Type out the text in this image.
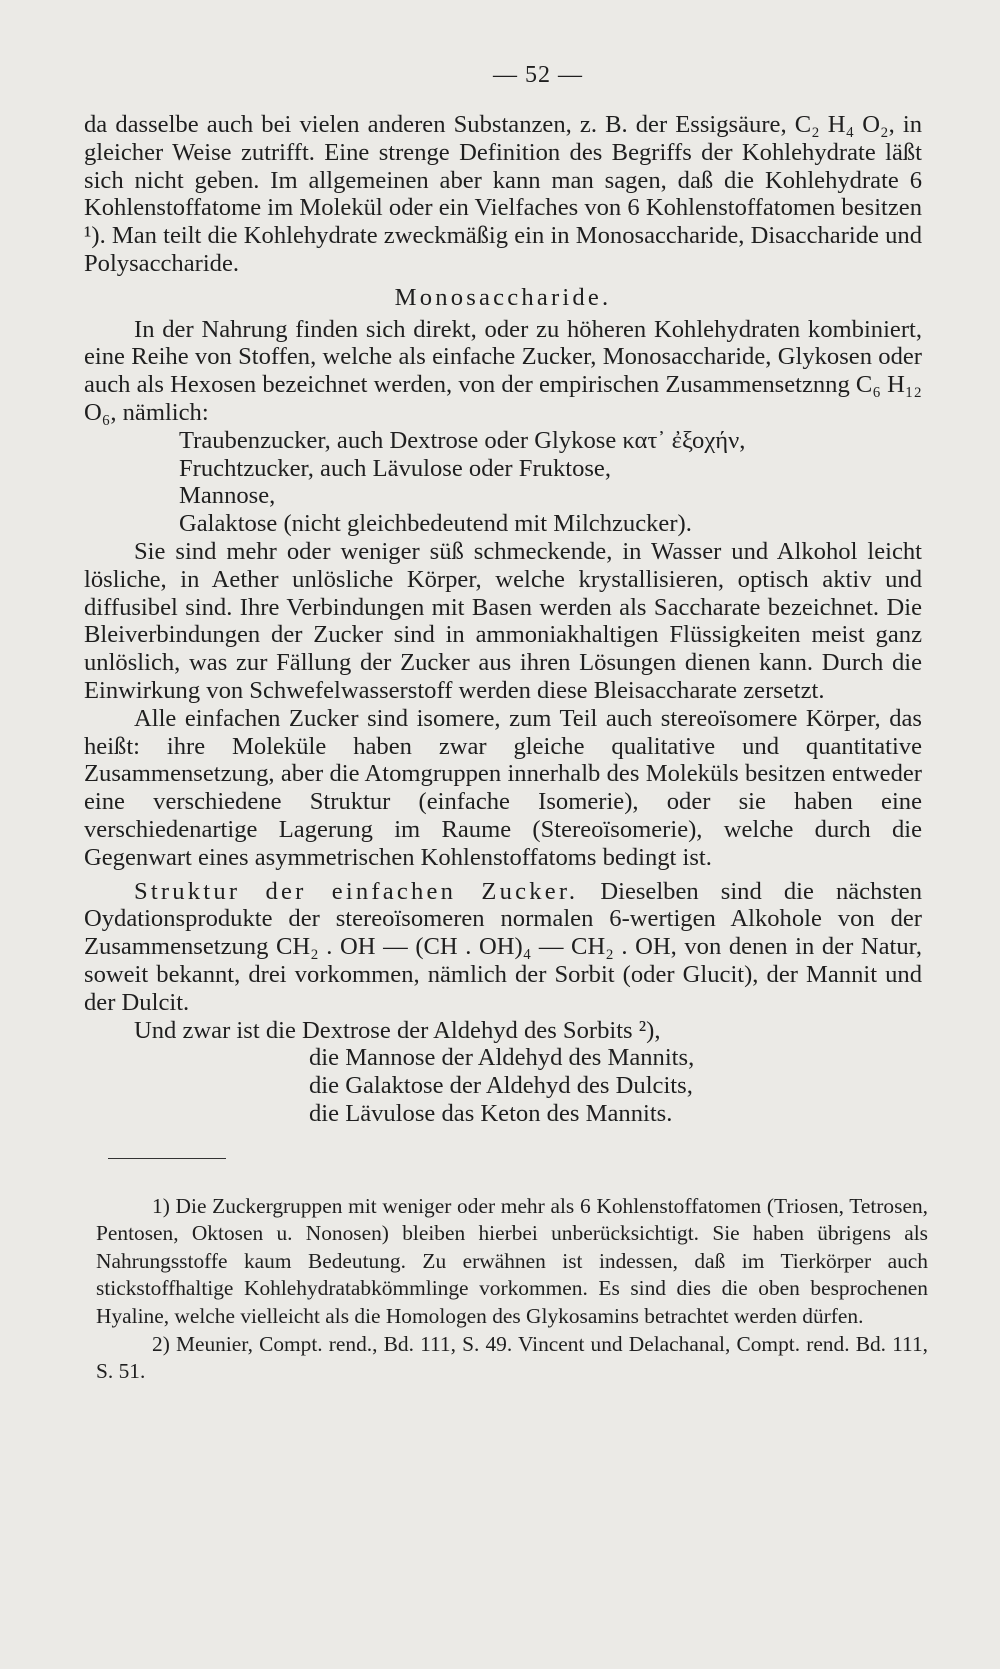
— 52 —

da dasselbe auch bei vielen anderen Substanzen, z. B. der Essigsäure, C₂ H₄ O₂, in gleicher Weise zutrifft. Eine strenge Definition des Begriffs der Kohlehydrate läßt sich nicht geben. Im allgemeinen aber kann man sagen, daß die Kohlehydrate 6 Kohlenstoffatome im Molekül oder ein Vielfaches von 6 Kohlenstoffatomen besitzen ¹). Man teilt die Kohlehydrate zweckmäßig ein in Monosaccharide, Disaccharide und Polysaccharide.

Monosaccharide.

In der Nahrung finden sich direkt, oder zu höheren Kohlehydraten kombiniert, eine Reihe von Stoffen, welche als einfache Zucker, Monosaccharide, Glykosen oder auch als Hexosen bezeichnet werden, von der empirischen Zusammensetznng C₆ H₁₂ O₆, nämlich:

Traubenzucker, auch Dextrose oder Glykose κατ᾽ ἐξοχήν,
Fruchtzucker, auch Lävulose oder Fruktose,
Mannose,
Galaktose (nicht gleichbedeutend mit Milchzucker).

Sie sind mehr oder weniger süß schmeckende, in Wasser und Alkohol leicht lösliche, in Aether unlösliche Körper, welche krystallisieren, optisch aktiv und diffusibel sind. Ihre Verbindungen mit Basen werden als Saccharate bezeichnet. Die Bleiverbindungen der Zucker sind in ammoniakhaltigen Flüssigkeiten meist ganz unlöslich, was zur Fällung der Zucker aus ihren Lösungen dienen kann. Durch die Einwirkung von Schwefelwasserstoff werden diese Bleisaccharate zersetzt.

Alle einfachen Zucker sind isomere, zum Teil auch stereoïsomere Körper, das heißt: ihre Moleküle haben zwar gleiche qualitative und quantitative Zusammensetzung, aber die Atomgruppen innerhalb des Moleküls besitzen entweder eine verschiedene Struktur (einfache Isomerie), oder sie haben eine verschiedenartige Lagerung im Raume (Stereoïsomerie), welche durch die Gegenwart eines asymmetrischen Kohlenstoffatoms bedingt ist.

Struktur der einfachen Zucker. Dieselben sind die nächsten Oydationsprodukte der stereoïsomeren normalen 6-wertigen Alkohole von der Zusammensetzung CH₂ . OH — (CH . OH)₄ — CH₂ . OH, von denen in der Natur, soweit bekannt, drei vorkommen, nämlich der Sorbit (oder Glucit), der Mannit und der Dulcit.

Und zwar ist die Dextrose der Aldehyd des Sorbits ²),

die Mannose der Aldehyd des Mannits,
die Galaktose der Aldehyd des Dulcits,
die Lävulose das Keton des Mannits.

1) Die Zuckergruppen mit weniger oder mehr als 6 Kohlenstoffatomen (Triosen, Tetrosen, Pentosen, Oktosen u. Nonosen) bleiben hierbei unberücksichtigt. Sie haben übrigens als Nahrungsstoffe kaum Bedeutung. Zu erwähnen ist indessen, daß im Tierkörper auch stickstoffhaltige Kohlehydratabkömmlinge vorkommen. Es sind dies die oben besprochenen Hyaline, welche vielleicht als die Homologen des Glykosamins betrachtet werden dürfen.

2) Meunier, Compt. rend., Bd. 111, S. 49. Vincent und Delachanal, Compt. rend. Bd. 111, S. 51.
